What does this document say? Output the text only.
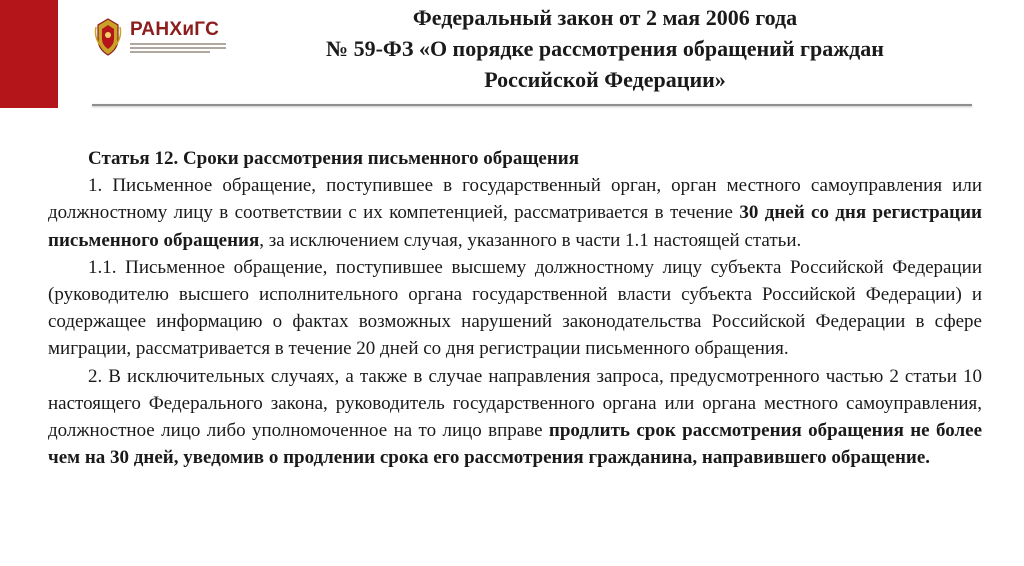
РАНХиГС	Федеральный закон от 2 мая 2006 года
№ 59-ФЗ «О порядке рассмотрения обращений граждан
Российской Федерации»

Статья 12. Сроки рассмотрения письменного обращения

1. Письменное обращение, поступившее в государственный орган, орган местного самоуправления или должностному лицу в соответствии с их компетенцией, рассматривается в течение 30 дней со дня регистрации письменного обращения, за исключением случая, указанного в части 1.1 настоящей статьи.

1.1. Письменное обращение, поступившее высшему должностному лицу субъекта Российской Федерации (руководителю высшего исполнительного органа государственной власти субъекта Российской Федерации) и содержащее информацию о фактах возможных нарушений законодательства Российской Федерации в сфере миграции, рассматривается в течение 20 дней со дня регистрации письменного обращения.

2. В исключительных случаях, а также в случае направления запроса, предусмотренного частью 2 статьи 10 настоящего Федерального закона, руководитель государственного органа или органа местного самоуправления, должностное лицо либо уполномоченное на то лицо вправе продлить срок рассмотрения обращения не более чем на 30 дней, уведомив о продлении срока его рассмотрения гражданина, направившего обращение.
